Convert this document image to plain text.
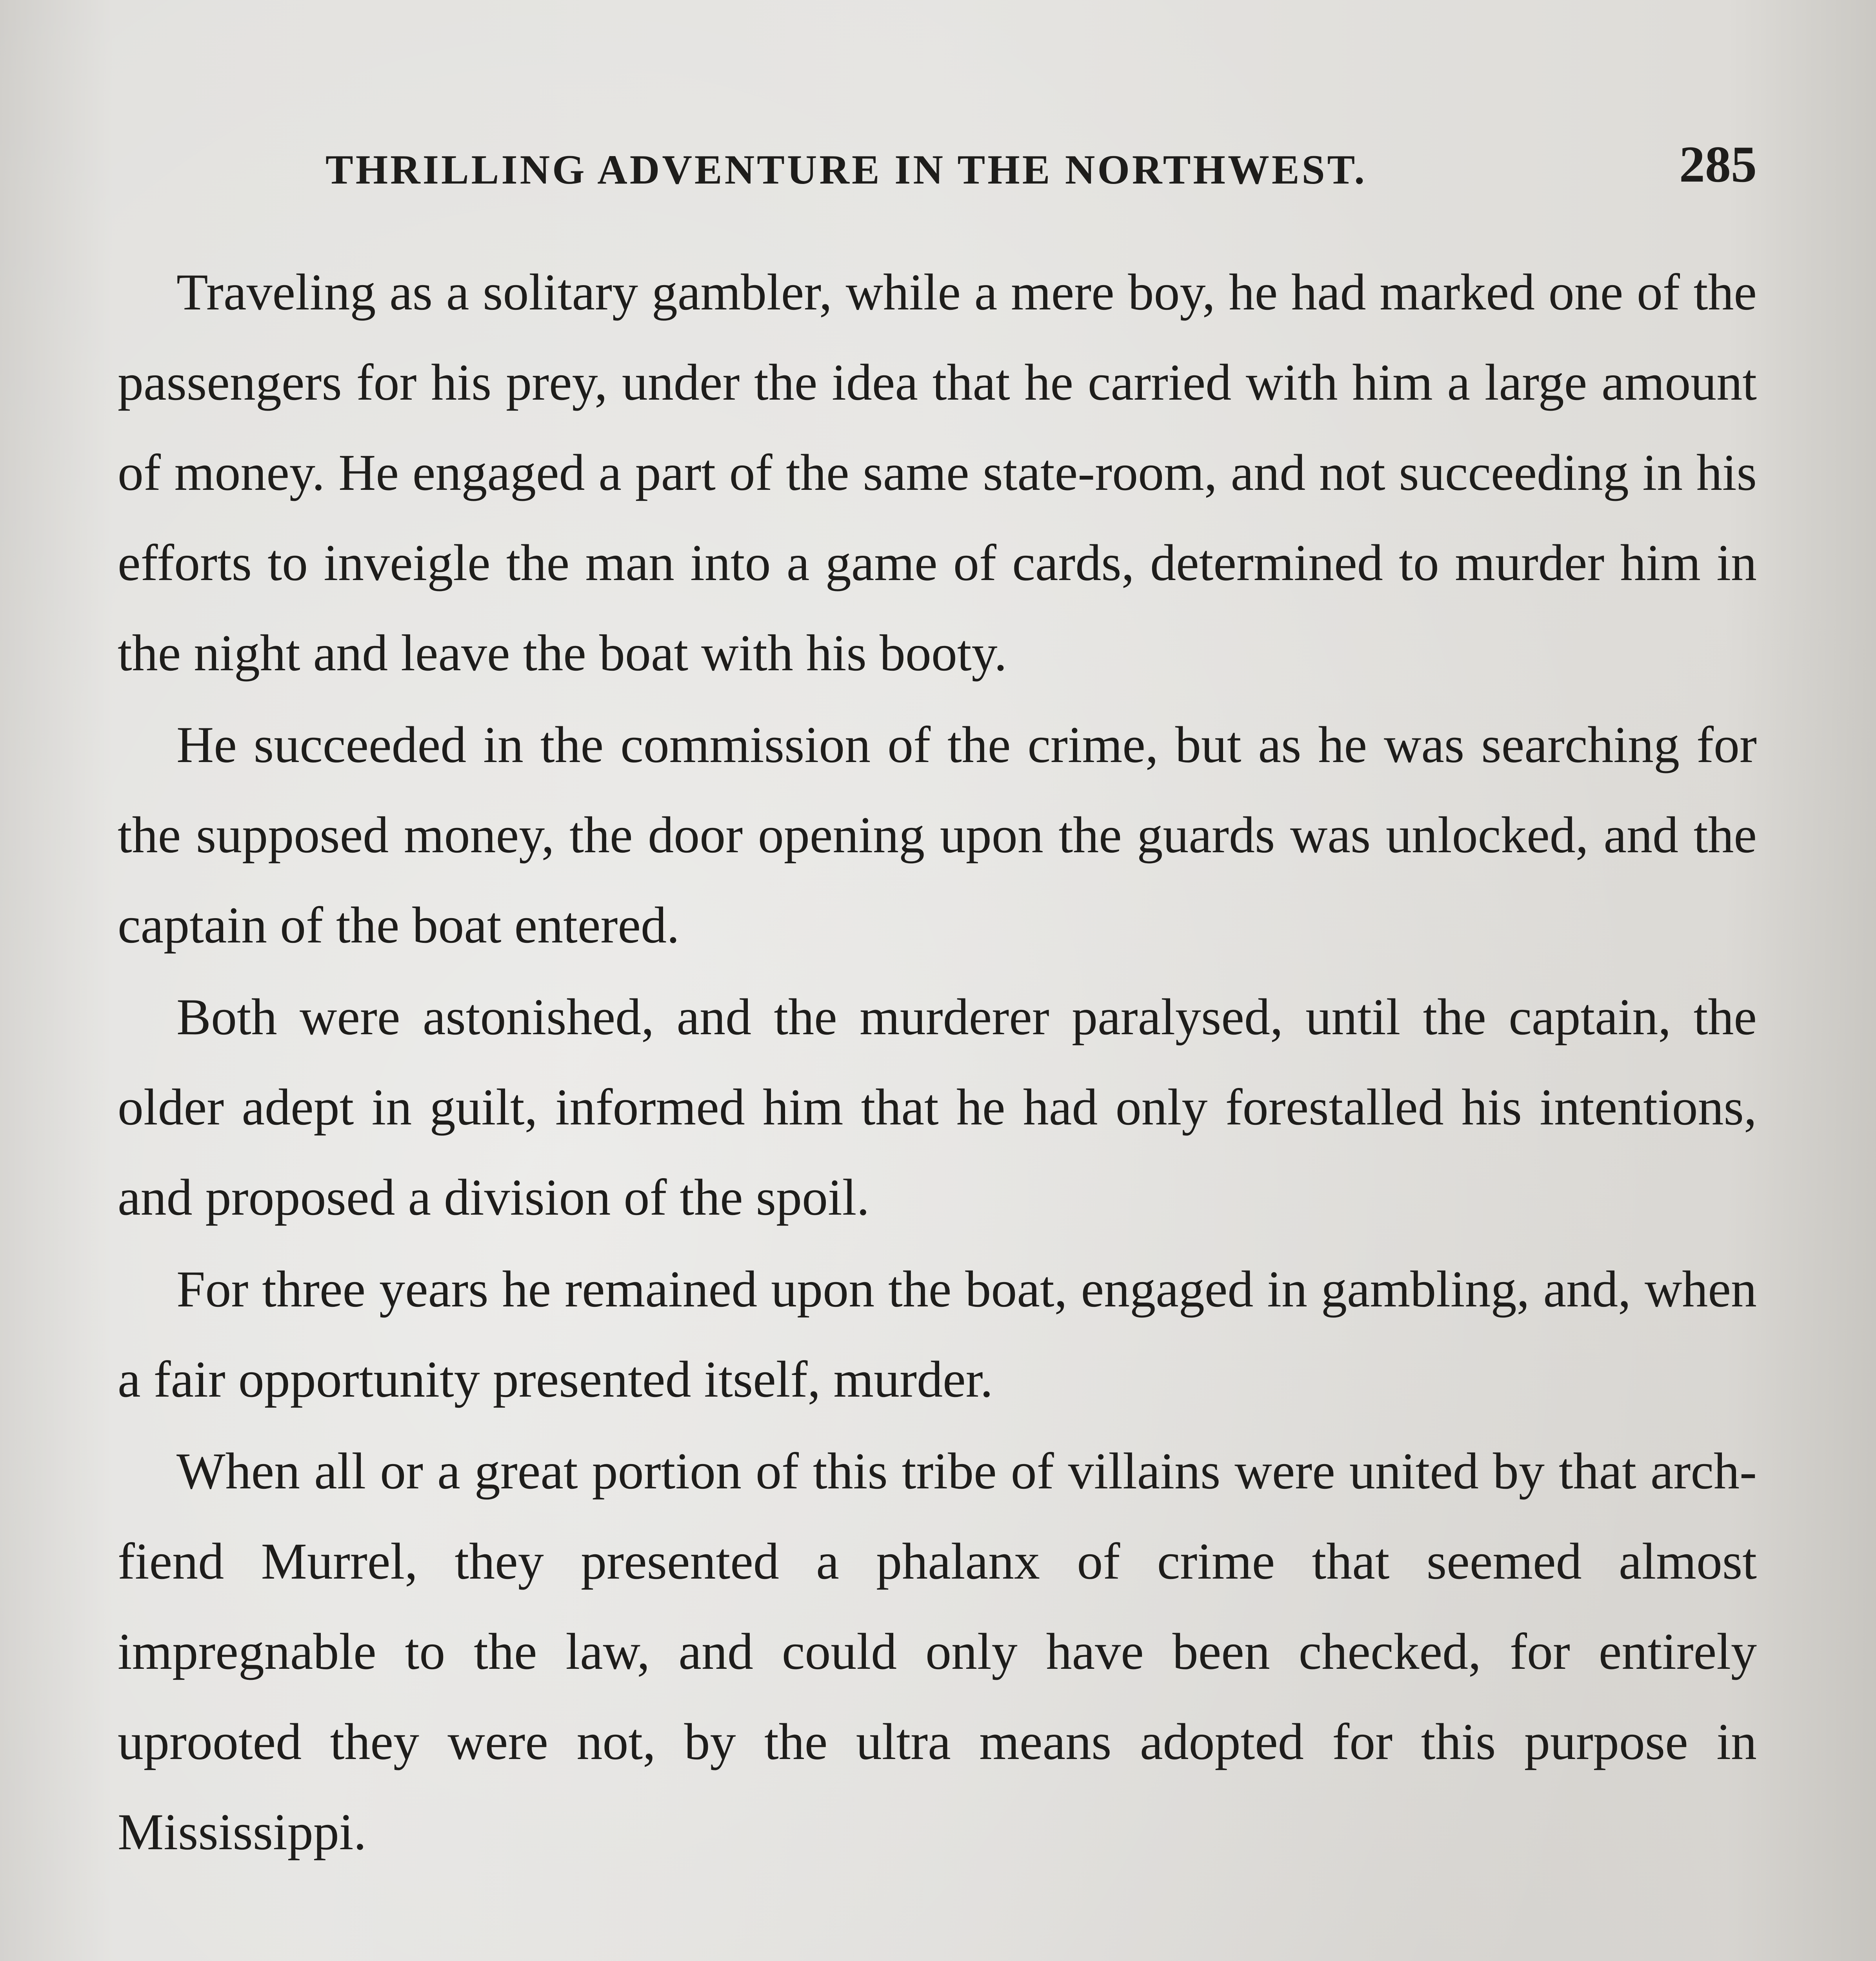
THRILLING ADVENTURE IN THE NORTHWEST.	285

Traveling as a solitary gambler, while a mere boy, he had marked one of the passengers for his prey, under the idea that he carried with him a large amount of money. He engaged a part of the same state-room, and not succeeding in his efforts to inveigle the man into a game of cards, determined to murder him in the night and leave the boat with his booty.

He succeeded in the commission of the crime, but as he was searching for the supposed money, the door opening upon the guards was unlocked, and the captain of the boat entered.

Both were astonished, and the murderer paralysed, until the captain, the older adept in guilt, informed him that he had only forestalled his intentions, and proposed a division of the spoil.

For three years he remained upon the boat, engaged in gambling, and, when a fair opportunity presented itself, murder.

When all or a great portion of this tribe of villains were united by that arch-fiend Murrel, they presented a phalanx of crime that seemed almost impregnable to the law, and could only have been checked, for entirely uprooted they were not, by the ultra means adopted for this purpose in Mississippi.
